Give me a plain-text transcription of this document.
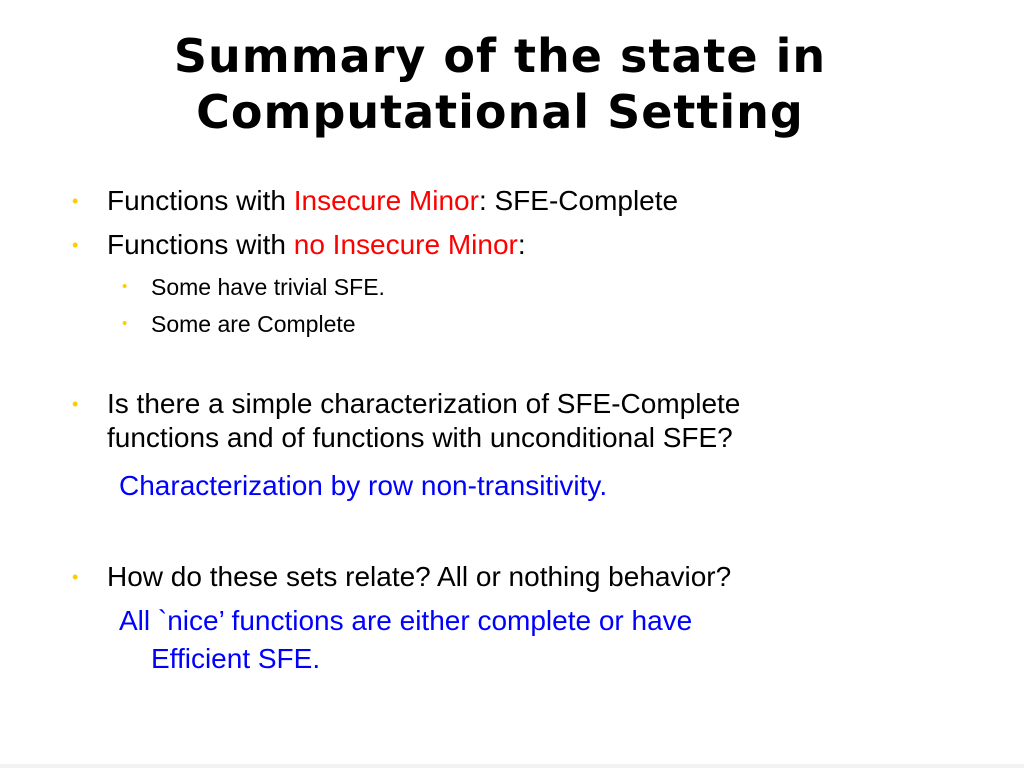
Summary of the state in
Computational Setting
• Functions with Insecure Minor: SFE-Complete
• Functions with no Insecure Minor:
• Some have trivial SFE.
• Some are Complete
• Is there a simple characterization of SFE-Complete
functions and of functions with unconditional SFE?
Characterization by row non-transitivity.
• How do these sets relate? All or nothing behavior?
All `nice’ functions are either complete or have
Efficient SFE.
